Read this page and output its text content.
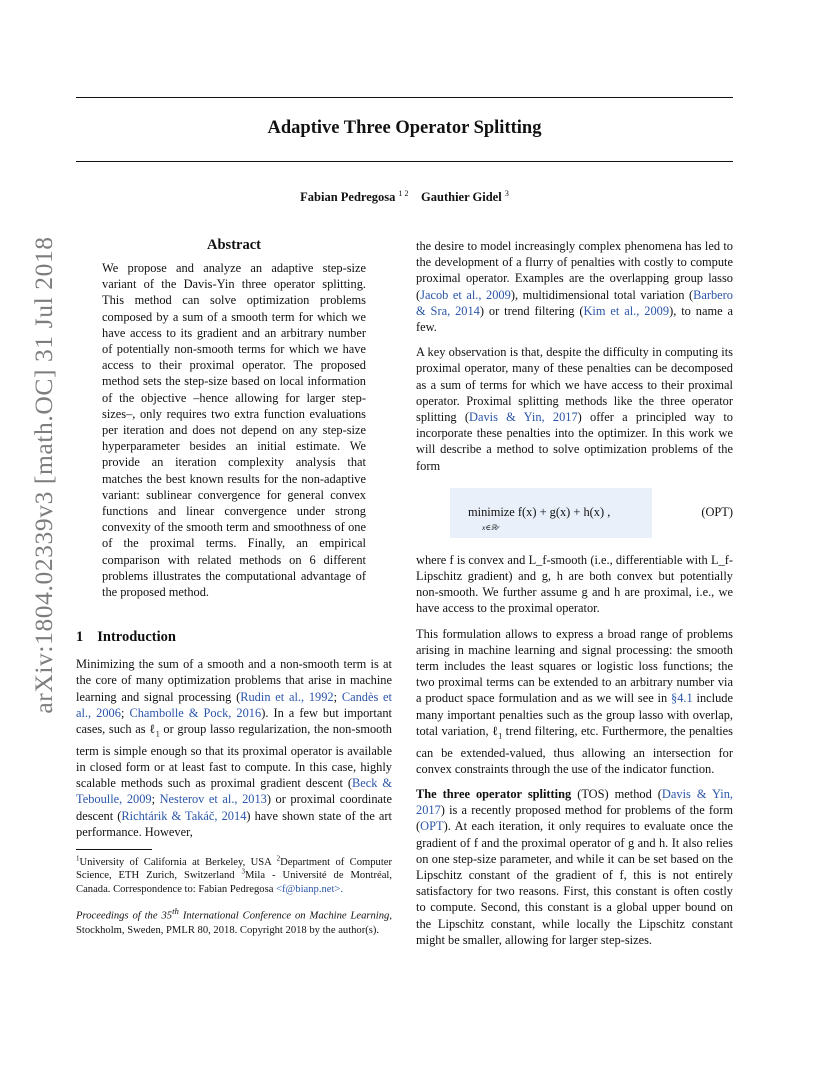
Adaptive Three Operator Splitting
Fabian Pedregosa $^{1 2}$ Gauthier Gidel $^3$
arXiv:1804.02339v3 [math.OC] 31 Jul 2018	Abstract

We propose and analyze an adaptive step-size variant of the Davis-Yin three operator splitting. This method can solve optimization problems composed by a sum of a smooth term for which we have access to its gradient and an arbitrary number of potentially non-smooth terms for which we have access to their proximal operator. The proposed method sets the step-size based on local information of the objective –hence allowing for larger step-sizes–, only requires two extra function evaluations per iteration and does not depend on any step-size hyperparameter besides an initial estimate. We provide an iteration complexity analysis that matches the best known results for the non-adaptive variant: sublinear convergence for general convex functions and linear convergence under strong convexity of the smooth term and smoothness of one of the proximal terms. Finally, an empirical comparison with related methods on 6 different problems illustrates the computational advantage of the proposed method.

1 Introduction

Minimizing the sum of a smooth and a non-smooth term is at the core of many optimization problems that arise in machine learning and signal processing (Rudin et al., 1992; Candès et al., 2006; Chambolle & Pock, 2016). In a few but important cases, such as ℓ$_1$ or group lasso regularization, the non-smooth term is simple enough so that its proximal operator is available in closed form or at least fast to compute. In this case, highly scalable methods such as proximal gradient descent (Beck & Teboulle, 2009; Nesterov et al., 2013) or proximal coordinate descent (Richtárik & Takáč, 2014) have shown state of the art performance. However,

$^1$University of California at Berkeley, USA $^2$Department of Computer Science, ETH Zurich, Switzerland $^3$Mila - Université de Montréal, Canada. Correspondence to: Fabian Pedregosa <f@bianp.net>.
Proceedings of the 35th International Conference on Machine Learning, Stockholm, Sweden, PMLR 80, 2018. Copyright 2018 by the author(s).

the desire to model increasingly complex phenomena has led to the development of a flurry of penalties with costly to compute proximal operator. Examples are the overlapping group lasso (Jacob et al., 2009), multidimensional total variation (Barbero & Sra, 2014) or trend filtering (Kim et al., 2009), to name a few.

A key observation is that, despite the difficulty in computing its proximal operator, many of these penalties can be decomposed as a sum of terms for which we have access to their proximal operator. Proximal splitting methods like the three operator splitting (Davis & Yin, 2017) offer a principled way to incorporate these penalties into the optimizer. In this work we will describe a method to solve optimization problems of the form

minimize f(x) + g(x) + h(x) ,
x∈ℝᵖ
(OPT)

where f is convex and L_f-smooth (i.e., differentiable with L_f-Lipschitz gradient) and g, h are both convex but potentially non-smooth. We further assume g and h are proximal, i.e., we have access to the proximal operator.

This formulation allows to express a broad range of problems arising in machine learning and signal processing: the smooth term includes the least squares or logistic loss functions; the two proximal terms can be extended to an arbitrary number via a product space formulation and as we will see in §4.1 include many important penalties such as the group lasso with overlap, total variation, ℓ$_1$ trend filtering, etc. Furthermore, the penalties can be extended-valued, thus allowing an intersection for convex constraints through the use of the indicator function.

The three operator splitting (TOS) method (Davis & Yin, 2017) is a recently proposed method for problems of the form (OPT). At each iteration, it only requires to evaluate once the gradient of f and the proximal operator of g and h. It also relies on one step-size parameter, and while it can be set based on the Lipschitz constant of the gradient of f, this is not entirely satisfactory for two reasons. First, this constant is often costly to compute. Second, this constant is a global upper bound on the Lipschitz constant, while locally the Lipschitz constant might be smaller, allowing for larger step-sizes.
